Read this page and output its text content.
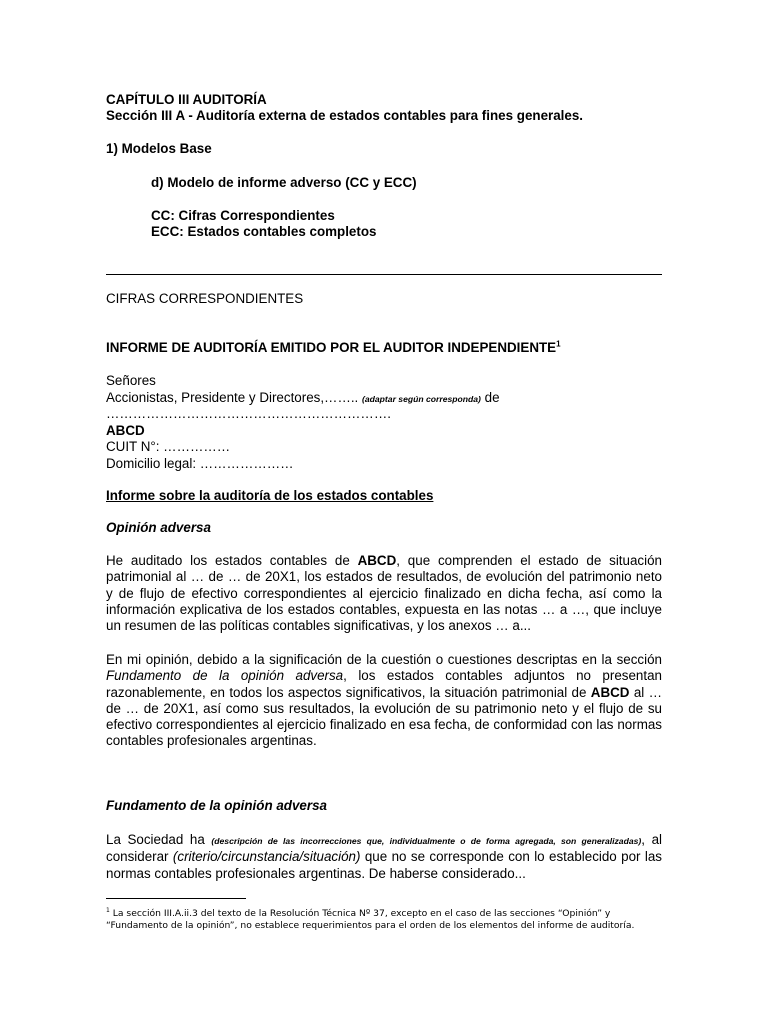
CAPÍTULO III AUDITORÍA
Sección III A - Auditoría externa de estados contables para fines generales.
1) Modelos Base
d) Modelo de informe adverso (CC y ECC)
CC: Cifras Correspondientes
ECC: Estados contables completos
CIFRAS CORRESPONDIENTES
INFORME DE AUDITORÍA EMITIDO POR EL AUDITOR INDEPENDIENTE$^1$
Señores
Accionistas, Presidente y Directores,…….. (adaptar según corresponda) de
……………………………………………………….
ABCD
CUIT N°: ……………
Domicilio legal: …………………
Informe sobre la auditoría de los estados contables
Opinión adversa
He auditado los estados contables de ABCD, que comprenden el estado de situación patrimonial al … de … de 20X1, los estados de resultados, de evolución del patrimonio neto y de flujo de efectivo correspondientes al ejercicio finalizado en dicha fecha, así como la información explicativa de los estados contables, expuesta en las notas … a …, que incluye un resumen de las políticas contables significativas, y los anexos … a...
En mi opinión, debido a la significación de la cuestión o cuestiones descriptas en la sección Fundamento de la opinión adversa, los estados contables adjuntos no presentan razonablemente, en todos los aspectos significativos, la situación patrimonial de ABCD al … de … de 20X1, así como sus resultados, la evolución de su patrimonio neto y el flujo de su efectivo correspondientes al ejercicio finalizado en esa fecha, de conformidad con las normas contables profesionales argentinas.
Fundamento de la opinión adversa
La Sociedad ha (descripción de las incorrecciones que, individualmente o de forma agregada, son generalizadas), al considerar (criterio/circunstancia/situación) que no se corresponde con lo establecido por las normas contables profesionales argentinas. De haberse considerado...
$^1$ La sección III.A.ii.3 del texto de la Resolución Técnica Nº 37, excepto en el caso de las secciones “Opinión” y
“Fundamento de la opinión”, no establece requerimientos para el orden de los elementos del informe de auditoría.
